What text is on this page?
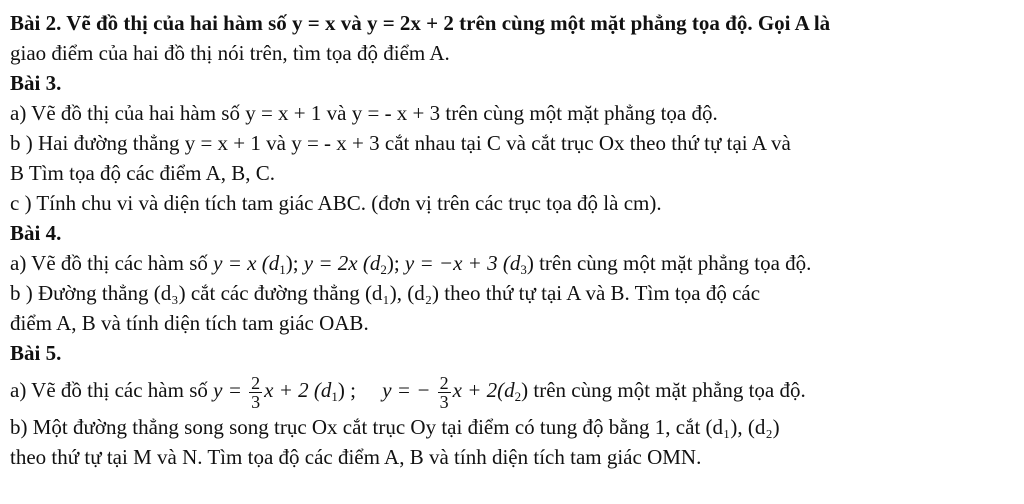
Bài 2. Vẽ đồ thị của hai hàm số y = x và y = 2x + 2 trên cùng một mặt phẳng tọa độ. Gọi A là
giao điểm của hai đồ thị nói trên, tìm tọa độ điểm A.
Bài 3.
a) Vẽ đồ thị của hai hàm số y = x + 1 và y = - x + 3 trên cùng một mặt phẳng tọa độ.
b ) Hai đường thẳng y = x + 1 và y = - x + 3 cắt nhau tại C và cắt trục Ox theo thứ tự tại A và
B Tìm tọa độ các điểm A, B, C.
c ) Tính chu vi và diện tích tam giác ABC. (đơn vị trên các trục tọa độ là cm).
Bài 4.
a) Vẽ đồ thị các hàm số y = x $(d_1)$; y = 2x $(d_2)$; y = −x + 3 $(d_3)$ trên cùng một mặt phẳng tọa độ.
b ) Đường thẳng (d₃) cắt các đường thẳng (d₁), (d₂) theo thứ tự tại A và B. Tìm tọa độ các
điểm A, B và tính diện tích tam giác OAB.
Bài 5.
a) Vẽ đồ thị các hàm số $y = \frac{2}{3}$ x + 2 $(d_1)$ ; y = − $\frac{2}{3}$ $x + 2(d_2)$ trên cùng một mặt phẳng tọa độ.
b) Một đường thẳng song song trục Ox cắt trục Oy tại điểm có tung độ bằng 1, cắt (d₁), (d₂)
theo thứ tự tại M và N. Tìm tọa độ các điểm A, B và tính diện tích tam giác OMN.
